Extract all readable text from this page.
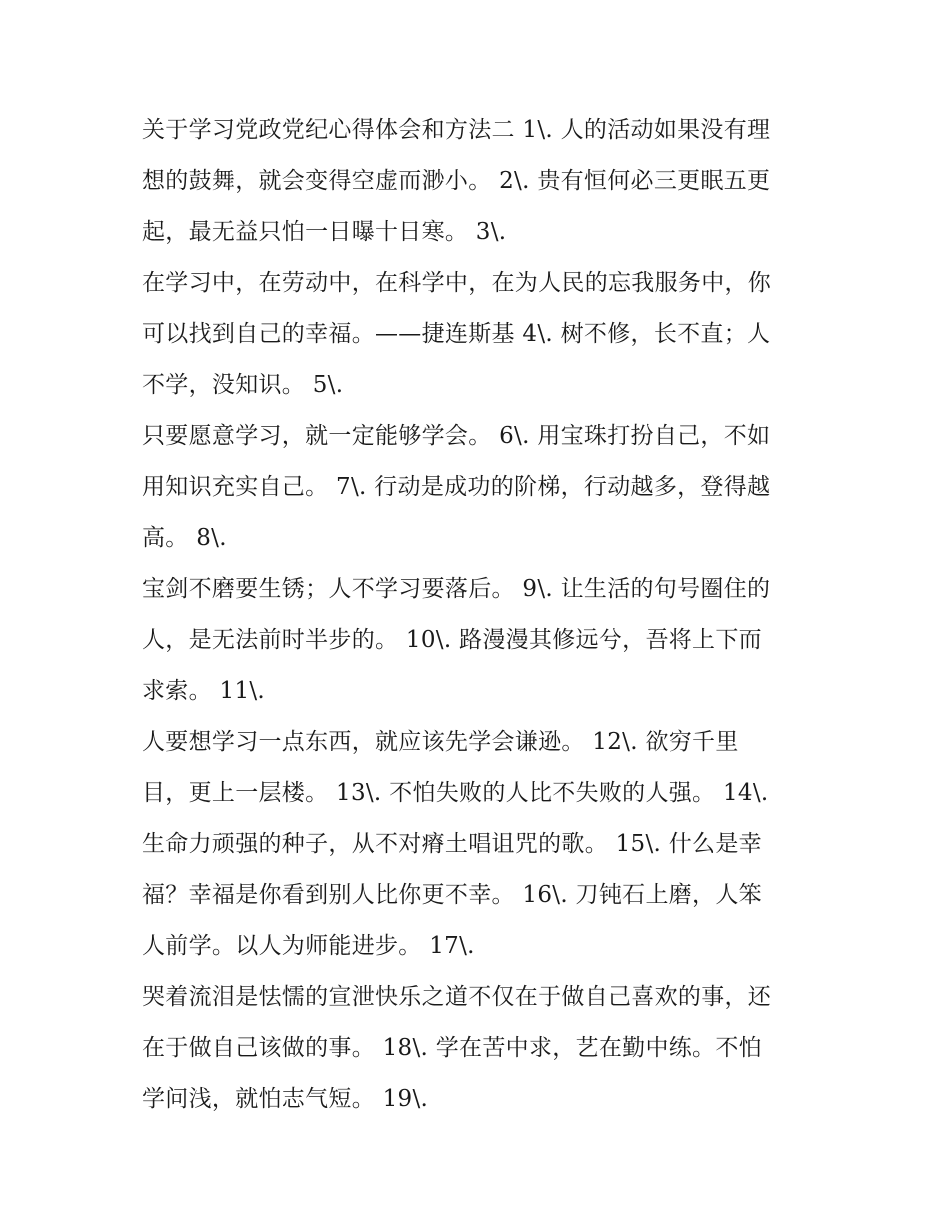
关于学习党政党纪心得体会和方法二 1\. 人的活动如果没有理
想的鼓舞，就会变得空虚而渺小。 2\. 贵有恒何必三更眠五更
起，最无益只怕一日曝十日寒。 3\.
在学习中，在劳动中，在科学中，在为人民的忘我服务中，你
可以找到自己的幸福。——捷连斯基 4\. 树不修，长不直；人
不学，没知识。 5\.
只要愿意学习，就一定能够学会。 6\. 用宝珠打扮自己，不如
用知识充实自己。 7\. 行动是成功的阶梯，行动越多，登得越
高。 8\.
宝剑不磨要生锈；人不学习要落后。 9\. 让生活的句号圈住的
人，是无法前时半步的。 10\. 路漫漫其修远兮，吾将上下而
求索。 11\.
人要想学习一点东西，就应该先学会谦逊。 12\. 欲穷千里
目，更上一层楼。 13\. 不怕失败的人比不失败的人强。 14\.
生命力顽强的种子，从不对瘠土唱诅咒的歌。 15\. 什么是幸
福？幸福是你看到别人比你更不幸。 16\. 刀钝石上磨，人笨
人前学。以人为师能进步。 17\.
哭着流泪是怯懦的宣泄快乐之道不仅在于做自己喜欢的事，还
在于做自己该做的事。 18\. 学在苦中求，艺在勤中练。不怕
学问浅，就怕志气短。 19\.
